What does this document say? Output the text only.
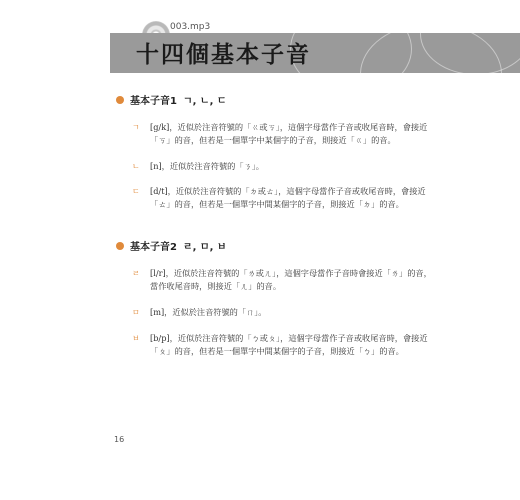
003.mp3
十四個基本子音
基本子音1 ㄱ, ㄴ, ㄷ
ㄱ [g/k]，近似於注音符號的「ㄍ或ㄎ」，這個字母當作子音或收尾音時，會接近「ㄎ」的音，但若是一個單字中某個字的子音，則接近「ㄍ」的音。
ㄴ [n]，近似於注音符號的「ㄋ」。
ㄷ [d/t]，近似於注音符號的「ㄉ或ㄊ」，這個字母當作子音或收尾音時，會接近「ㄊ」的音，但若是一個單字中間某個字的子音，則接近「ㄉ」的音。
基本子音2 ㄹ, ㅁ, ㅂ
ㄹ [l/r]，近似於注音符號的「ㄌ或ㄦ」，這個字母當作子音時會接近「ㄌ」的音，當作收尾音時，則接近「ㄦ」的音。
ㅁ [m]，近似於注音符號的「ㄇ」。
ㅂ [b/p]，近似於注音符號的「ㄅ或ㄆ」，這個字母當作子音或收尾音時，會接近「ㄆ」的音，但若是一個單字中間某個字的子音，則接近「ㄅ」的音。
16
